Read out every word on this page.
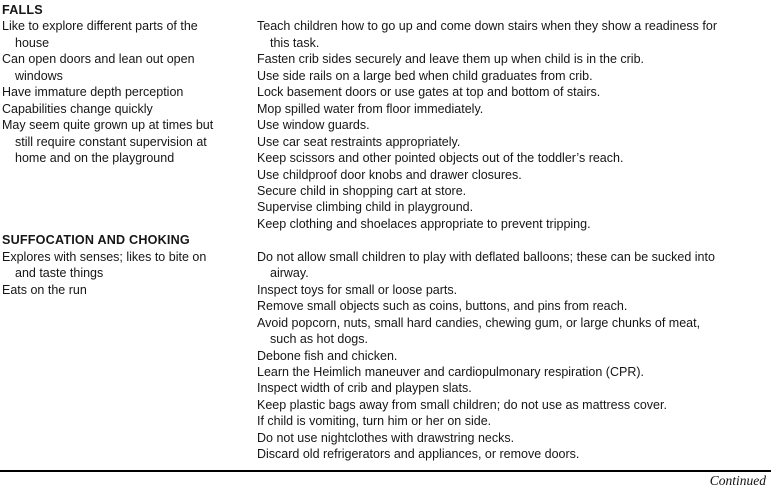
FALLS
Like to explore different parts of the
house
Can open doors and lean out open
windows
Have immature depth perception
Capabilities change quickly
May seem quite grown up at times but
still require constant supervision at
home and on the playground
Teach children how to go up and come down stairs when they show a readiness for
this task.
Fasten crib sides securely and leave them up when child is in the crib.
Use side rails on a large bed when child graduates from crib.
Lock basement doors or use gates at top and bottom of stairs.
Mop spilled water from floor immediately.
Use window guards.
Use car seat restraints appropriately.
Keep scissors and other pointed objects out of the toddler’s reach.
Use childproof door knobs and drawer closures.
Secure child in shopping cart at store.
Supervise climbing child in playground.
Keep clothing and shoelaces appropriate to prevent tripping.
SUFFOCATION AND CHOKING
Explores with senses; likes to bite on
and taste things
Eats on the run
Do not allow small children to play with deflated balloons; these can be sucked into
airway.
Inspect toys for small or loose parts.
Remove small objects such as coins, buttons, and pins from reach.
Avoid popcorn, nuts, small hard candies, chewing gum, or large chunks of meat,
such as hot dogs.
Debone fish and chicken.
Learn the Heimlich maneuver and cardiopulmonary respiration (CPR).
Inspect width of crib and playpen slats.
Keep plastic bags away from small children; do not use as mattress cover.
If child is vomiting, turn him or her on side.
Do not use nightclothes with drawstring necks.
Discard old refrigerators and appliances, or remove doors.
Continued
